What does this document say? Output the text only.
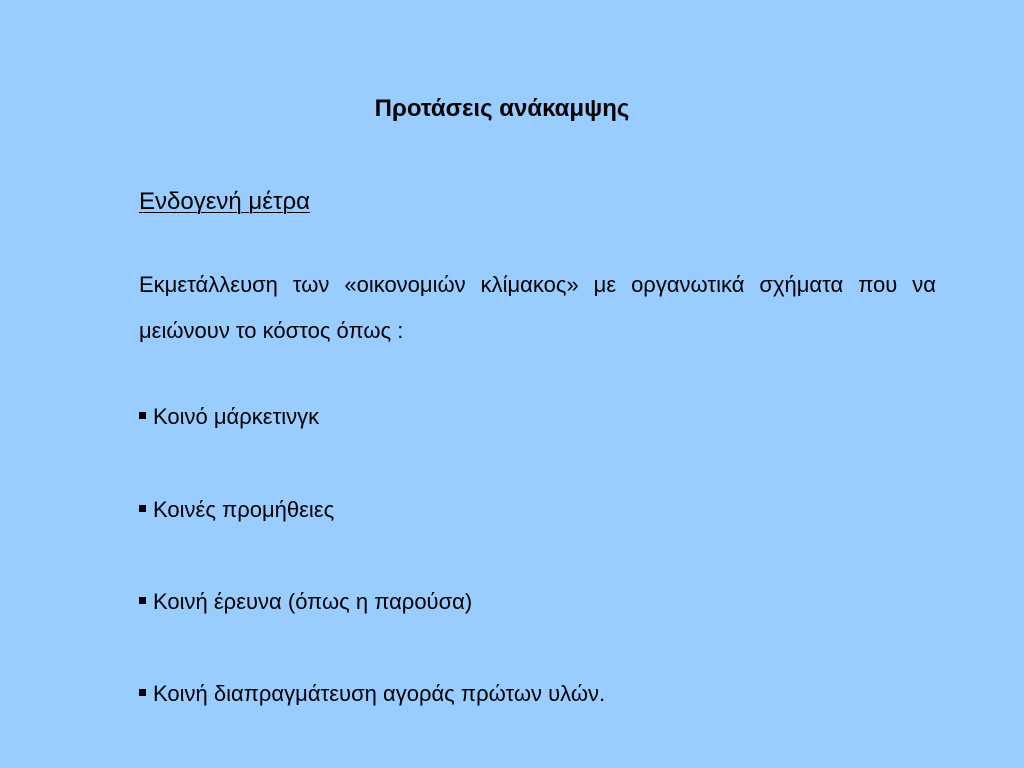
Προτάσεις ανάκαμψης
Ενδογενή μέτρα
Εκμετάλλευση των «οικονομιών κλίμακος» με οργανωτικά σχήματα που να μειώνουν το κόστος όπως :
Κοινό μάρκετινγκ
Κοινές προμήθειες
Κοινή έρευνα (όπως η παρούσα)
Κοινή διαπραγμάτευση αγοράς πρώτων υλών.
